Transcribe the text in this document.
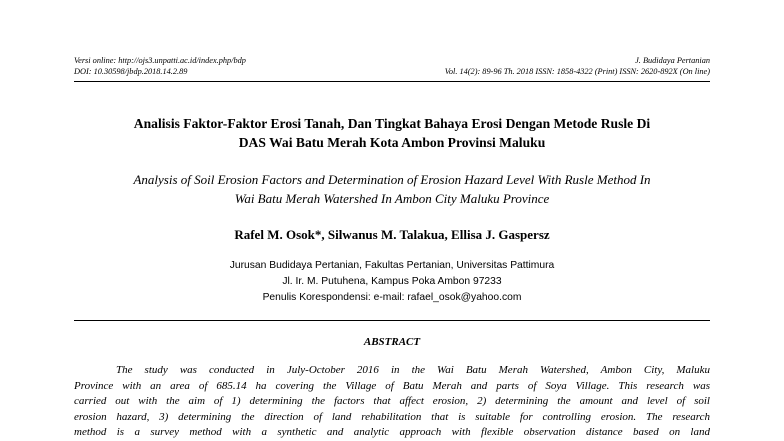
Versi online: http://ojs3.unpatti.ac.id/index.php/bdp
DOI: 10.30598/jbdp.2018.14.2.89
J. Budidaya Pertanian
Vol. 14(2): 89-96 Th. 2018 ISSN: 1858-4322 (Print) ISSN: 2620-892X (On line)
Analisis Faktor-Faktor Erosi Tanah, Dan Tingkat Bahaya Erosi Dengan Metode Rusle Di
DAS Wai Batu Merah Kota Ambon Provinsi Maluku
Analysis of Soil Erosion Factors and Determination of Erosion Hazard Level With Rusle Method In
Wai Batu Merah Watershed In Ambon City Maluku Province
Rafel M. Osok*, Silwanus M. Talakua, Ellisa J. Gaspersz
Jurusan Budidaya Pertanian, Fakultas Pertanian, Universitas Pattimura
Jl. Ir. M. Putuhena, Kampus Poka Ambon 97233
Penulis Korespondensi: e-mail: rafael_osok@yahoo.com
ABSTRACT
The study was conducted in July-October 2016 in the Wai Batu Merah Watershed, Ambon City, Maluku
Province with an area of 685.14 ha covering the Village of Batu Merah and parts of Soya Village. This research was
carried out with the aim of 1) determining the factors that affect erosion, 2) determining the amount and level of soil
erosion hazard, 3) determining the direction of land rehabilitation that is suitable for controlling erosion. The research
method is a survey method with a synthetic and analytic approach with flexible observation distance based on land
